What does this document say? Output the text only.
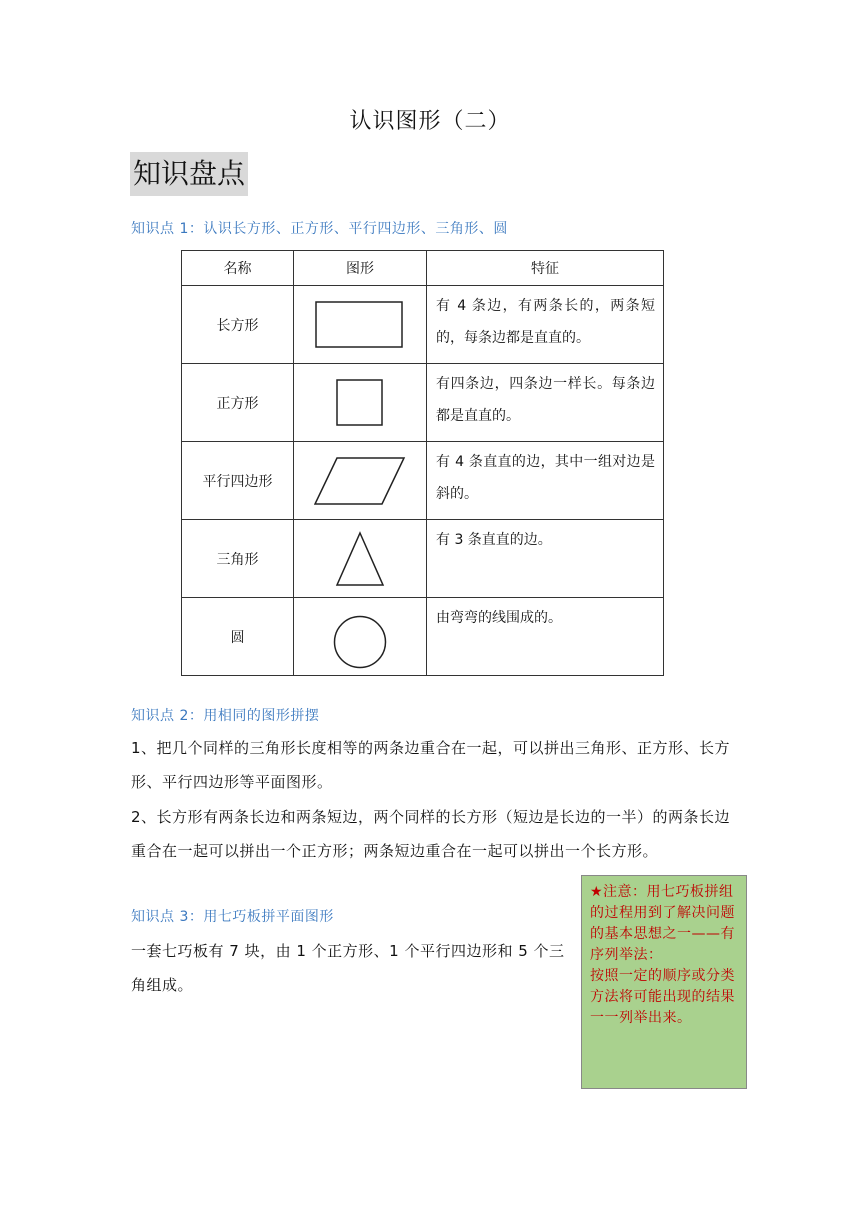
认识图形（二）
知识盘点
知识点 1：认识长方形、正方形、平行四边形、三角形、圆
名称	图形	特征
长方形		有 4 条边，有两条长的，两条短的，每条边都是直直的。
正方形		有四条边，四条边一样长。每条边都是直直的。
平行四边形		有 4 条直直的边，其中一组对边是斜的。
三角形		有 3 条直直的边。
圆		由弯弯的线围成的。
知识点 2：用相同的图形拼摆
1、把几个同样的三角形长度相等的两条边重合在一起，可以拼出三角形、正方形、长方形、平行四边形等平面图形。
2、长方形有两条长边和两条短边，两个同样的长方形（短边是长边的一半）的两条长边重合在一起可以拼出一个正方形；两条短边重合在一起可以拼出一个长方形。
知识点 3：用七巧板拼平面图形
一套七巧板有 7 块，由 1 个正方形、1 个平行四边形和 5 个三角组成。
★注意：用七巧板拼组的过程用到了解决问题的基本思想之一——有序列举法：
按照一定的顺序或分类方法将可能出现的结果一一列举出来。
